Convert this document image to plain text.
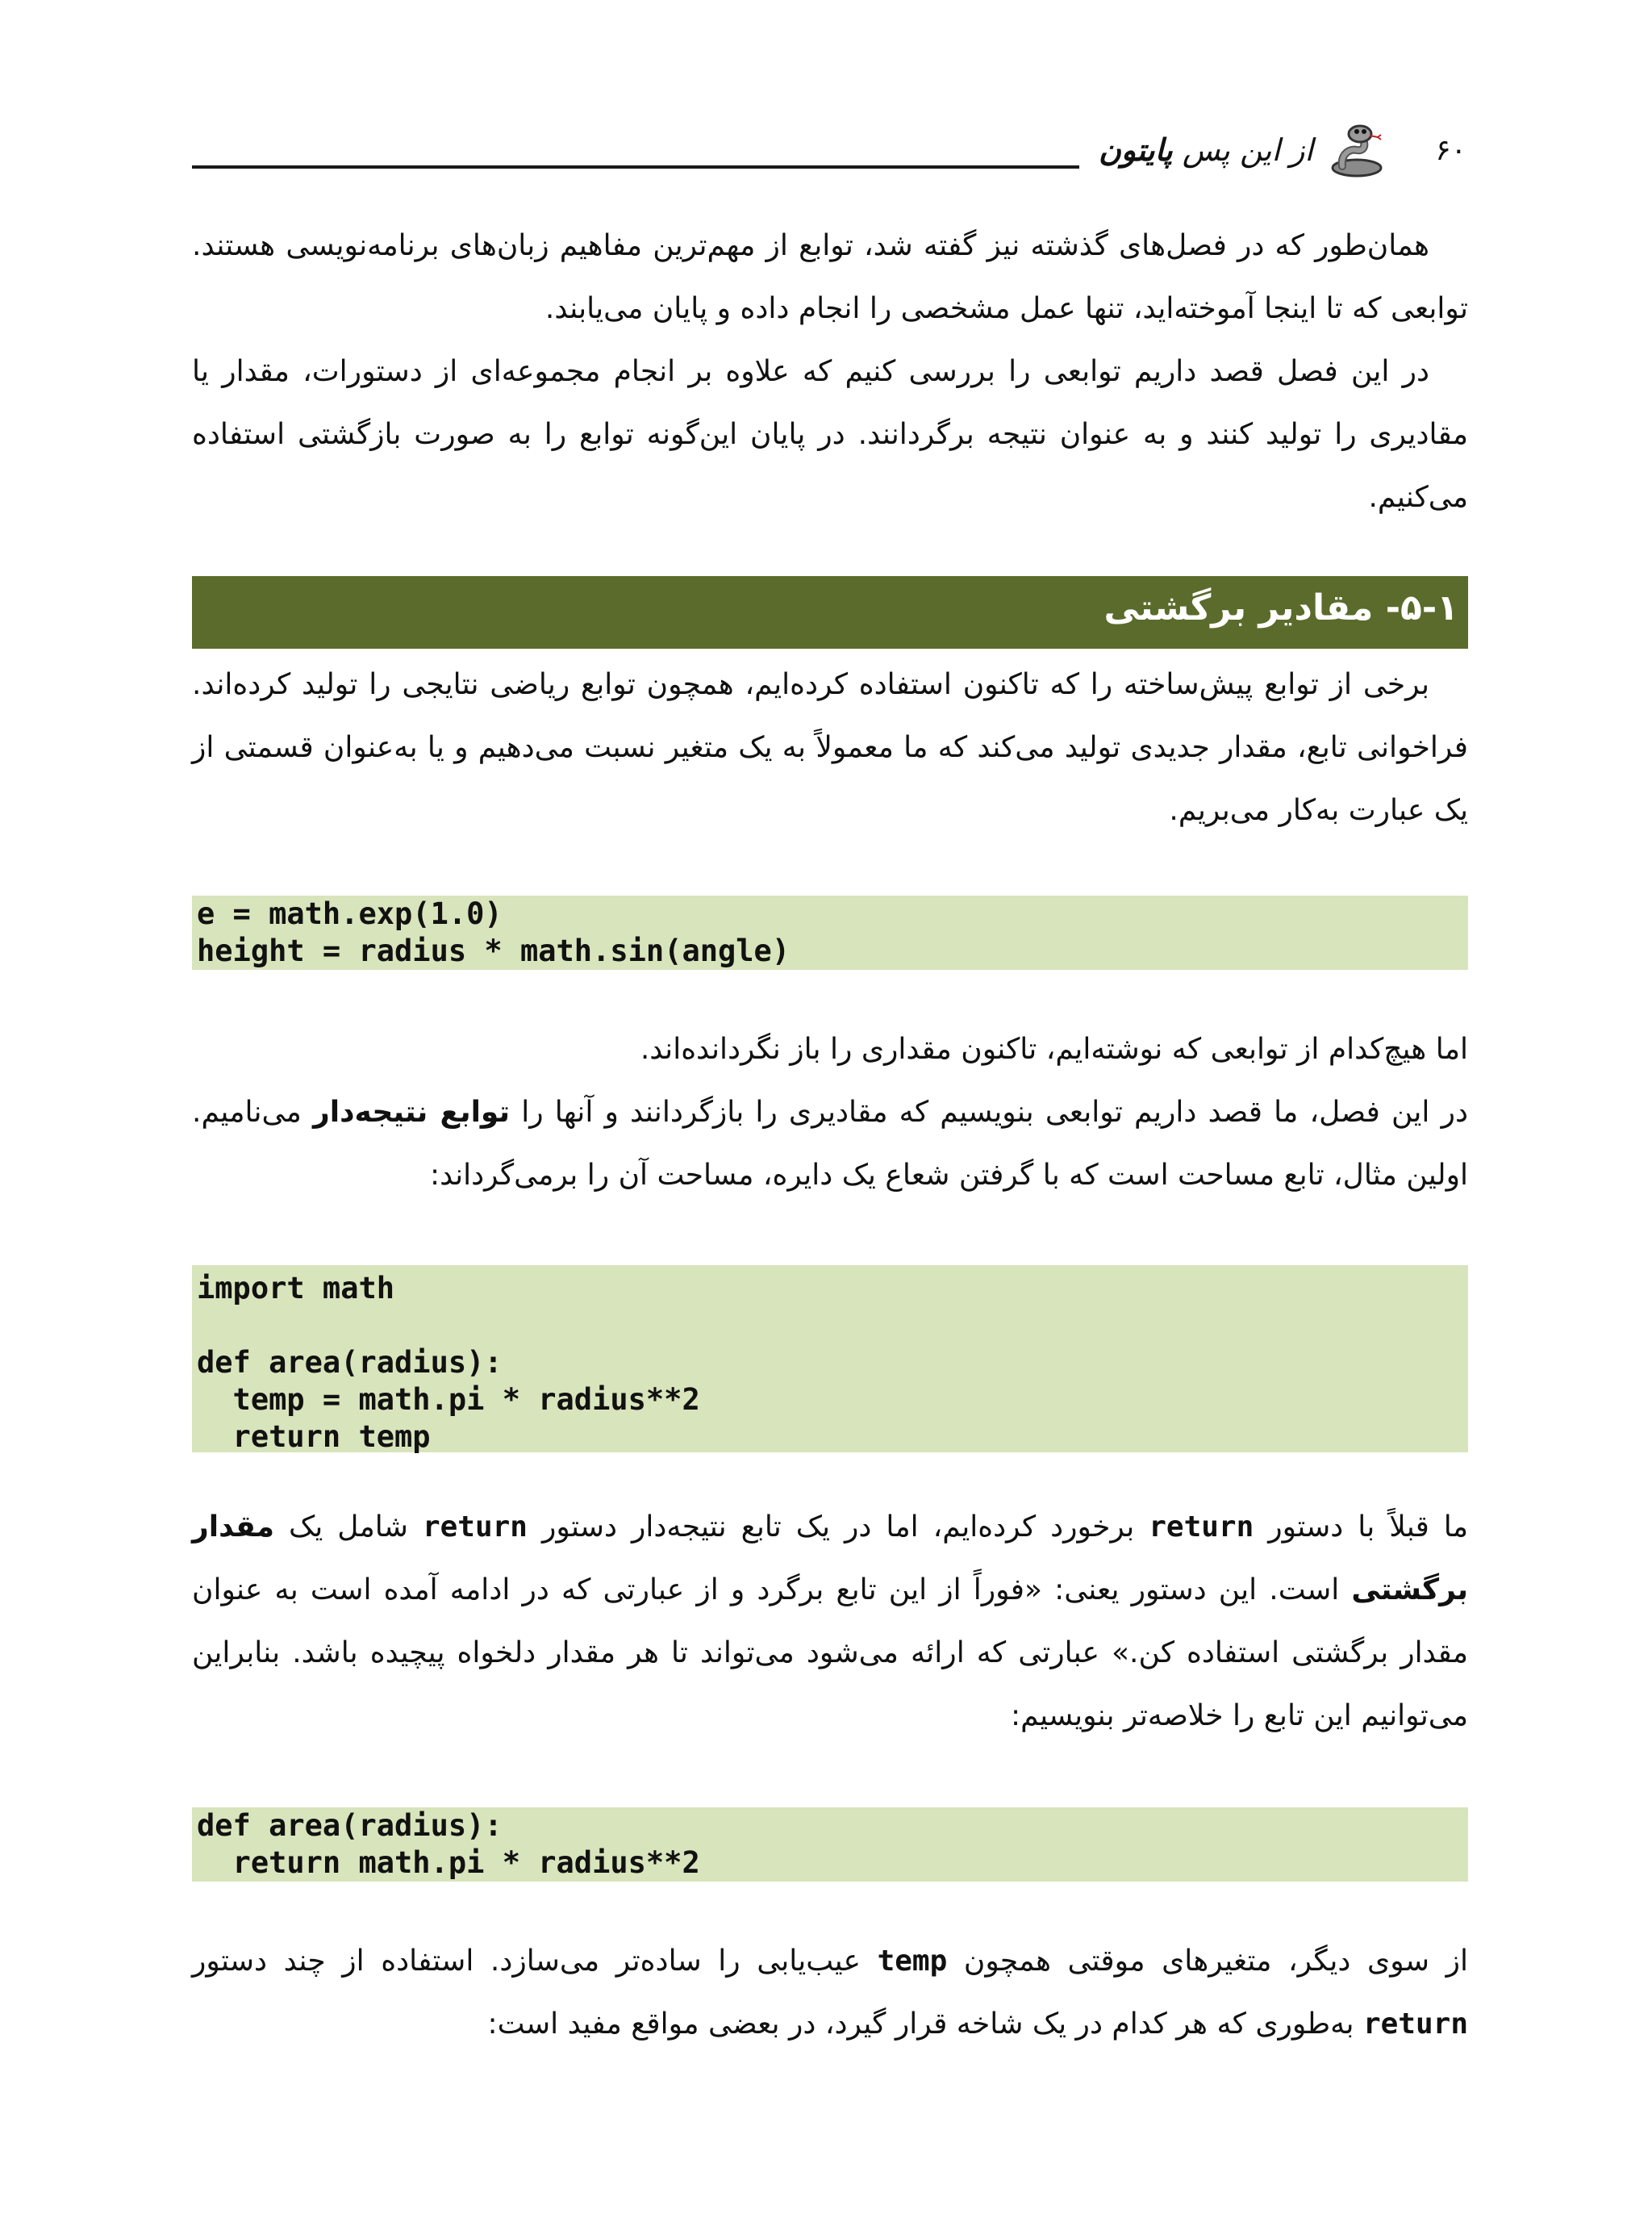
۶۰
از این پس پایتون
همان‌طور که در فصل‌های گذشته نیز گفته شد، توابع از مهم‌ترین مفاهیم زبان‌های برنامه‌نویسی هستند. توابعی که تا اینجا آموخته‌اید، تنها عمل مشخصی را انجام داده و پایان می‌یابند.
در این فصل قصد داریم توابعی را بررسی کنیم که علاوه بر انجام مجموعه‌ای از دستورات، مقدار یا مقادیری را تولید کنند و به عنوان نتیجه برگردانند. در پایان این‌گونه توابع را به صورت بازگشتی استفاده می‌کنیم.
۵-۱- مقادیر برگشتی
برخی از توابع پیش‌ساخته را که تاکنون استفاده کرده‌ایم، همچون توابع ریاضی نتایجی را تولید کرده‌اند. فراخوانی تابع، مقدار جدیدی تولید می‌کند که ما معمولاً به یک متغیر نسبت می‌دهیم و یا به‌عنوان قسمتی از یک عبارت به‌کار می‌بریم.
e = math.exp(1.0)
height = radius * math.sin(angle)
اما هیچ‌کدام از توابعی که نوشته‌ایم، تاکنون مقداری را باز نگردانده‌اند.
در این فصل، ما قصد داریم توابعی بنویسیم که مقادیری را بازگردانند و آنها را توابع نتیجه‌دار می‌نامیم. اولین مثال، تابع مساحت است که با گرفتن شعاع یک دایره، مساحت آن را برمی‌گرداند:
import math
def area(radius):
temp = math.pi * radius**2
return temp
ما قبلاً با دستور return برخورد کرده‌ایم، اما در یک تابع نتیجه‌دار دستور return شامل یک مقدار برگشتی است. این دستور یعنی: «فوراً از این تابع برگرد و از عبارتی که در ادامه آمده است به عنوان مقدار برگشتی استفاده کن.» عبارتی که ارائه می‌شود می‌تواند تا هر مقدار دلخواه پیچیده باشد. بنابراین می‌توانیم این تابع را خلاصه‌تر بنویسیم:
def area(radius):
return math.pi * radius**2
از سوی دیگر، متغیرهای موقتی همچون temp عیب‌یابی را ساده‌تر می‌سازد. استفاده از چند دستور return به‌طوری که هر کدام در یک شاخه قرار گیرد، در بعضی مواقع مفید است:
